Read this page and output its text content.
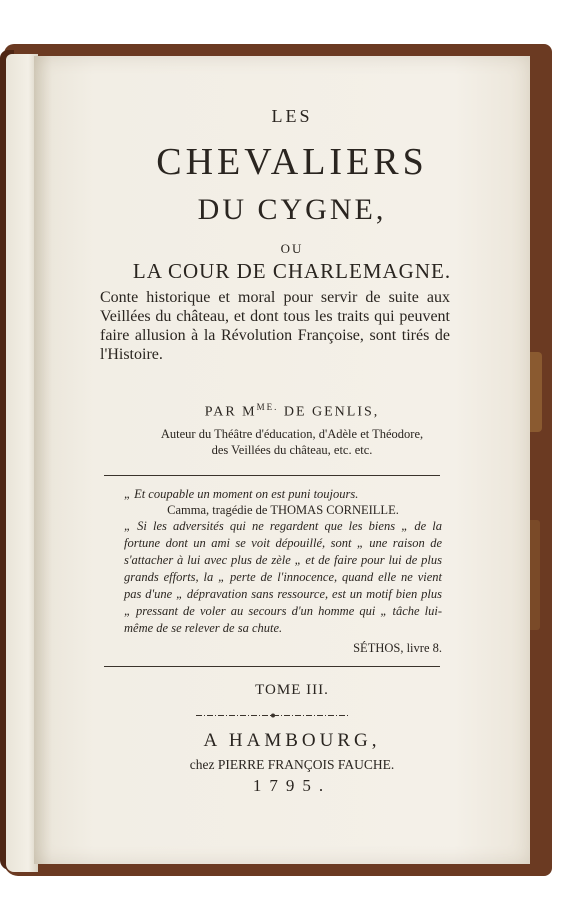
LES

CHEVALIERS

DU CYGNE,

OU

LA COUR DE CHARLEMAGNE.

Conte historique et moral pour servir de suite aux Veillées du château, et dont tous les traits qui peuvent faire allusion à la Révolution Françoise, sont tirés de l'Histoire.

PAR $M^{ME.}$ DE GENLIS,

Auteur du Théâtre d'éducation, d'Adèle et Théodore,
des Veillées du château, etc. etc.

„ Et coupable un moment on est puni toujours.

Camma, tragédie de THOMAS CORNEILLE.

„ Si les adversités qui ne regardent que les biens „ de la fortune dont un ami se voit dépouillé, sont „ une raison de s'attacher à lui avec plus de zèle „ et de faire pour lui de plus grands efforts, la „ perte de l'innocence, quand elle ne vient pas d'une „ dépravation sans ressource, est un motif bien plus „ pressant de voler au secours d'un homme qui „ tâche lui-même de se relever de sa chute.

SÉTHOS, livre 8.

TOME III.

A HAMBOURG,

chez PIERRE FRANÇOIS FAUCHE.

1795.
